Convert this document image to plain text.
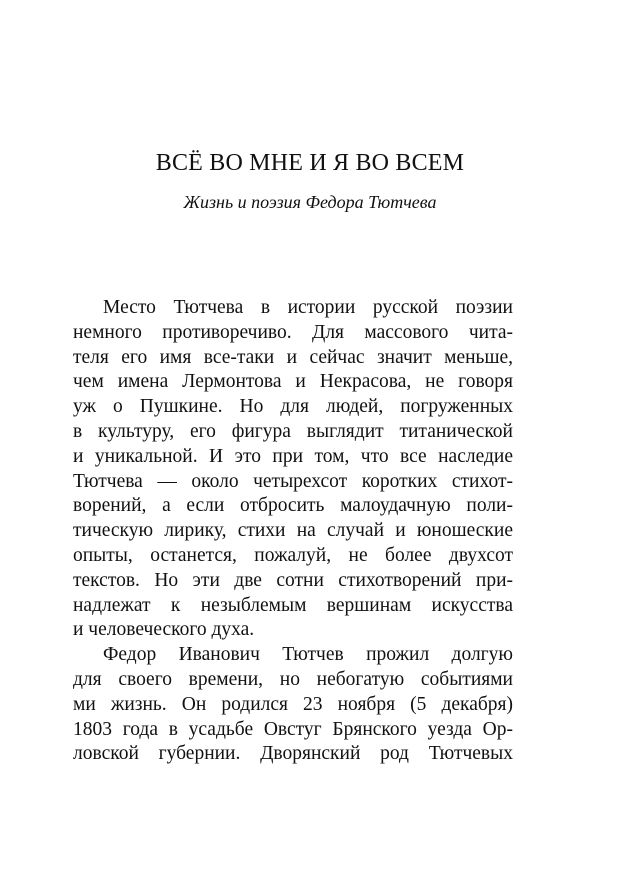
ВСЁ ВО МНЕ И Я ВО ВСЕМ
Жизнь и поэзия Федора Тютчева
Место Тютчева в истории русской поэзии
немного противоречиво. Для массового чита-
теля его имя все-таки и сейчас значит меньше,
чем имена Лермонтова и Некрасова, не говоря
уж о Пушкине. Но для людей, погруженных
в культуру, его фигура выглядит титанической
и уникальной. И это при том, что все наследие
Тютчева — около четырехсот коротких стихот-
ворений, а если отбросить малоудачную поли-
тическую лирику, стихи на случай и юношеские
опыты, останется, пожалуй, не более двухсот
текстов. Но эти две сотни стихотворений при-
надлежат к незыблемым вершинам искусства
и человеческого духа.
Федор Иванович Тютчев прожил долгую
для своего времени, но небогатую событиями
ми жизнь. Он родился 23 ноября (5 декабря)
1803 года в усадьбе Овстуг Брянского уезда Ор-
ловской губернии. Дворянский род Тютчевых
